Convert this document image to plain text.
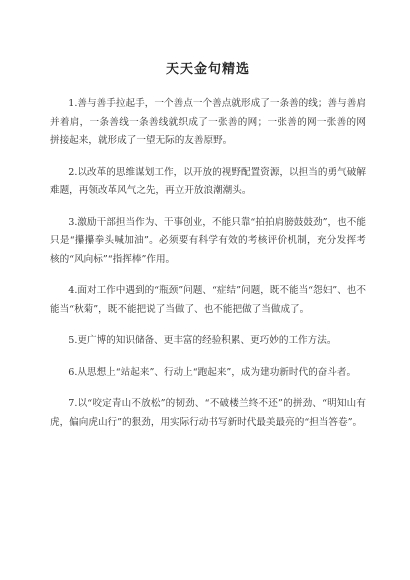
天天金句精选

1.善与善手拉起手，一个善点一个善点就形成了一条善的线；善与善肩并着肩，一条善线一条善线就织成了一张善的网；一张善的网一张善的网拼接起来，就形成了一望无际的友善原野。

2.以改革的思维谋划工作，以开放的视野配置资源，以担当的勇气破解难题，再领改革风气之先，再立开放浪潮潮头。

3.激励干部担当作为、干事创业，不能只靠“拍拍肩膀鼓鼓劲”，也不能只是“攥攥拳头喊加油”。必须要有科学有效的考核评价机制，充分发挥考核的“风向标”“指挥棒”作用。

4.面对工作中遇到的“瓶颈”问题、“症结”问题，既不能当“怨妇”、也不能当“秋菊”，既不能把说了当做了、也不能把做了当做成了。

5.更广博的知识储备、更丰富的经验积累、更巧妙的工作方法。

6.从思想上“站起来”、行动上“跑起来”，成为建功新时代的奋斗者。

7.以“咬定青山不放松”的韧劲、“不破楼兰终不还”的拼劲、“明知山有虎，偏向虎山行”的狠劲，用实际行动书写新时代最美最亮的“担当答卷”。
